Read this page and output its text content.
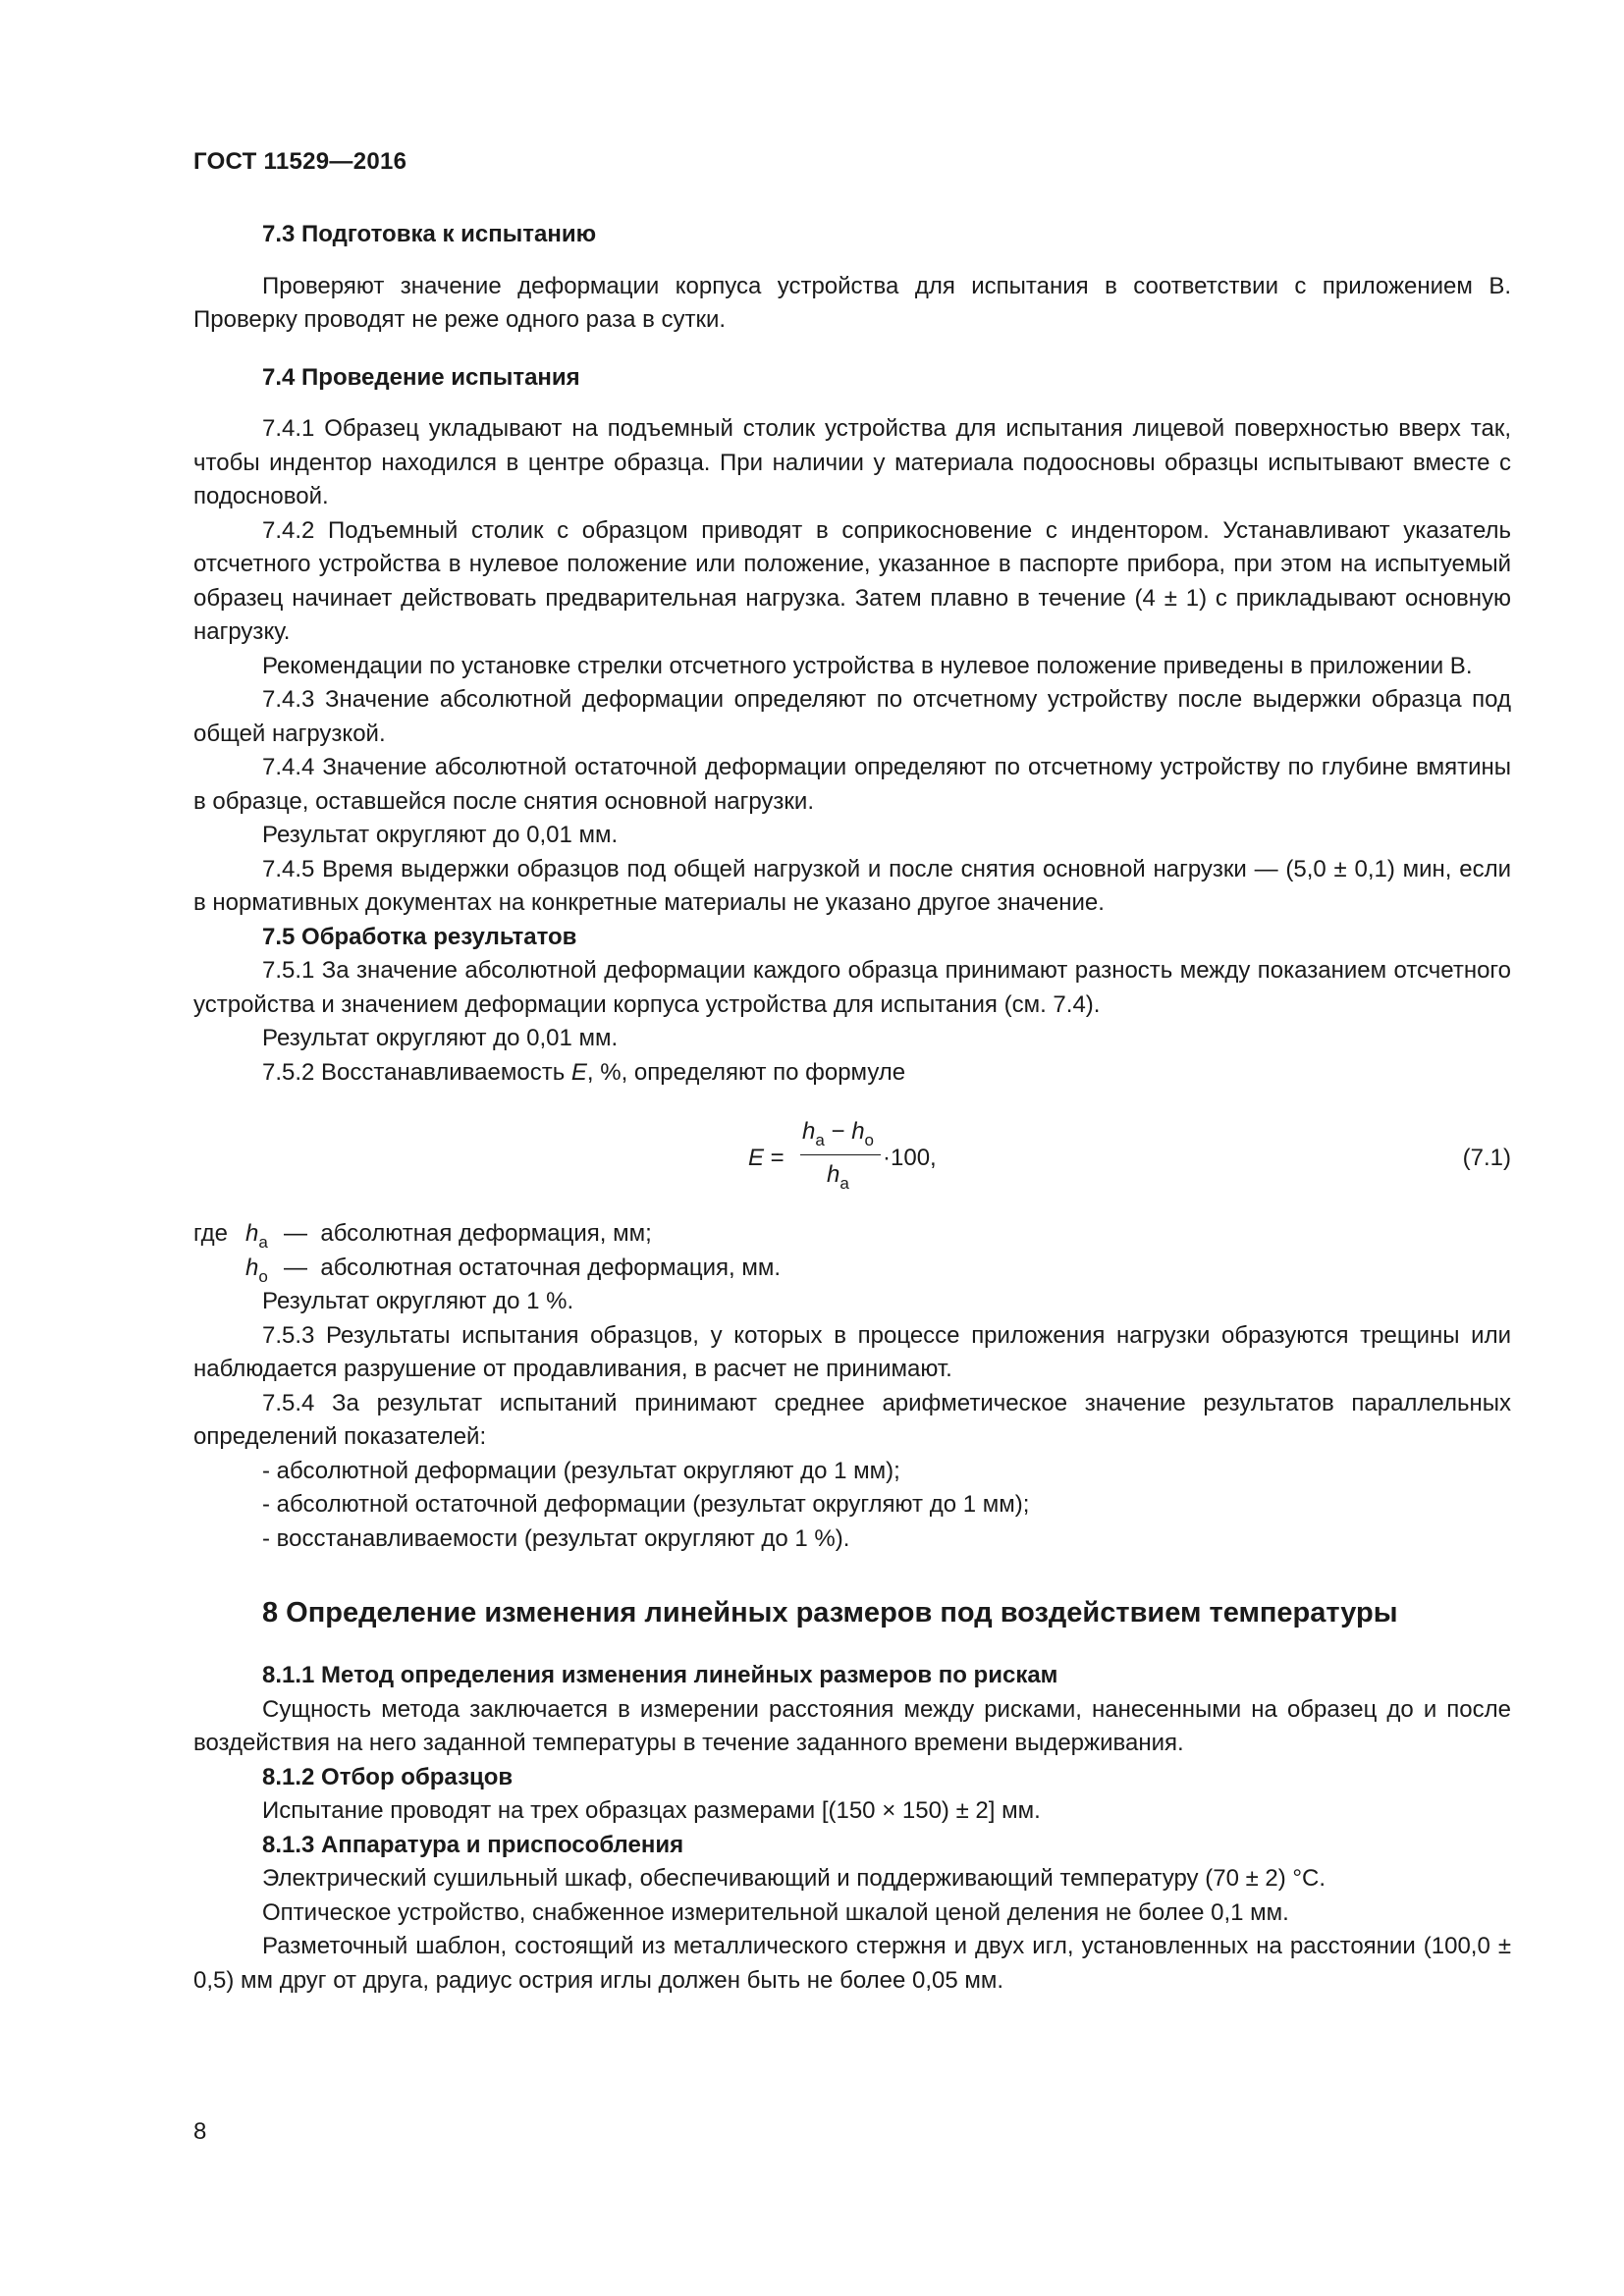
ГОСТ 11529—2016

7.3 Подготовка к испытанию

Проверяют значение деформации корпуса устройства для испытания в соответствии с приложением В. Проверку проводят не реже одного раза в сутки.

7.4 Проведение испытания

7.4.1 Образец укладывают на подъемный столик устройства для испытания лицевой поверхностью вверх так, чтобы индентор находился в центре образца. При наличии у материала подоосновы образцы испытывают вместе с подосновой.

7.4.2 Подъемный столик с образцом приводят в соприкосновение с индентором. Устанавливают указатель отсчетного устройства в нулевое положение или положение, указанное в паспорте прибора, при этом на испытуемый образец начинает действовать предварительная нагрузка. Затем плавно в течение (4 ± 1) с прикладывают основную нагрузку.

Рекомендации по установке стрелки отсчетного устройства в нулевое положение приведены в приложении В.

7.4.3 Значение абсолютной деформации определяют по отсчетному устройству после выдержки образца под общей нагрузкой.

7.4.4 Значение абсолютной остаточной деформации определяют по отсчетному устройству по глубине вмятины в образце, оставшейся после снятия основной нагрузки.

Результат округляют до 0,01 мм.

7.4.5 Время выдержки образцов под общей нагрузкой и после снятия основной нагрузки — (5,0 ± 0,1) мин, если в нормативных документах на конкретные материалы не указано другое значение.

7.5 Обработка результатов

7.5.1 За значение абсолютной деформации каждого образца принимают разность между показанием отсчетного устройства и значением деформации корпуса устройства для испытания (см. 7.4).

Результат округляют до 0,01 мм.

7.5.2 Восстанавливаемость E, %, определяют по формуле

E =
$h_a - h_o$
$h_a$
·100,	(7.1)
где $h_a$ — абсолютная деформация, мм;
$h_o$ — абсолютная остаточная деформация, мм.

Результат округляют до 1 %.

7.5.3 Результаты испытания образцов, у которых в процессе приложения нагрузки образуются трещины или наблюдается разрушение от продавливания, в расчет не принимают.

7.5.4 За результат испытаний принимают среднее арифметическое значение результатов параллельных определений показателей:

- абсолютной деформации (результат округляют до 1 мм);

- абсолютной остаточной деформации (результат округляют до 1 мм);

- восстанавливаемости (результат округляют до 1 %).

8 Определение изменения линейных размеров под воздействием температуры

8.1.1 Метод определения изменения линейных размеров по рискам

Сущность метода заключается в измерении расстояния между рисками, нанесенными на образец до и после воздействия на него заданной температуры в течение заданного времени выдерживания.

8.1.2 Отбор образцов

Испытание проводят на трех образцах размерами [(150 × 150) ± 2] мм.

8.1.3 Аппаратура и приспособления

Электрический сушильный шкаф, обеспечивающий и поддерживающий температуру (70 ± 2) °С.

Оптическое устройство, снабженное измерительной шкалой ценой деления не более 0,1 мм.

Разметочный шаблон, состоящий из металлического стержня и двух игл, установленных на расстоянии (100,0 ± 0,5) мм друг от друга, радиус острия иглы должен быть не более 0,05 мм.

8
